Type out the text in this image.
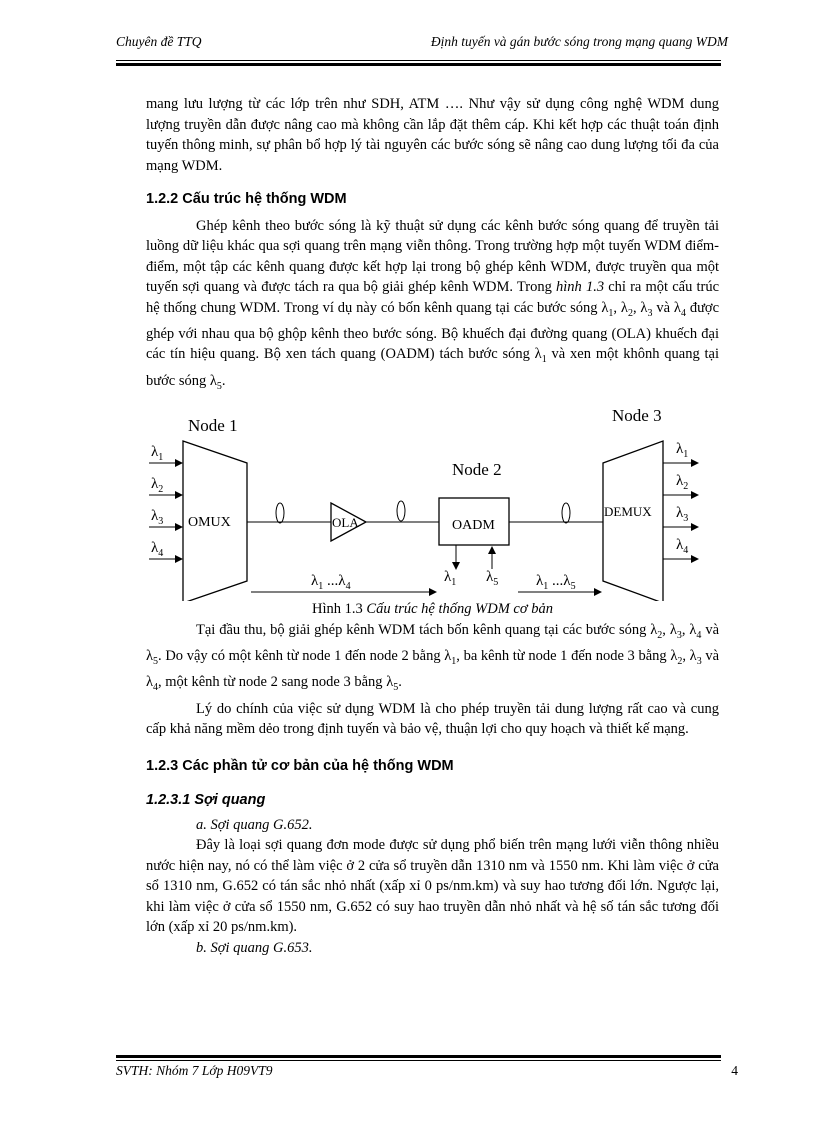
Chuyên đề TTQ	Định tuyến và gán bước sóng trong mạng quang WDM

mang lưu lượng từ các lớp trên như SDH, ATM …. Như vậy sử dụng công nghệ WDM dung lượng truyền dẫn được nâng cao mà không cần lắp đặt thêm cáp. Khi kết hợp các thuật toán định tuyến thông minh, sự phân bổ hợp lý tài nguyên các bước sóng sẽ nâng cao dung lượng tối đa của mạng WDM.

1.2.2 Cấu trúc hệ thống WDM

Ghép kênh theo bước sóng là kỹ thuật sử dụng các kênh bước sóng quang để truyền tải luồng dữ liệu khác qua sợi quang trên mạng viễn thông. Trong trường hợp một tuyến WDM điểm- điểm, một tập các kênh quang được kết hợp lại trong bộ ghép kênh WDM, được truyền qua một tuyến sợi quang và được tách ra qua bộ giải ghép kênh WDM. Trong hình 1.3 chỉ ra một cấu trúc hệ thống chung WDM. Trong ví dụ này có bốn kênh quang tại các bước sóng $\lambda_1$, $\lambda_2$, $\lambda_3$ và $\lambda_4$ được ghép với nhau qua bộ ghộp kênh theo bước sóng. Bộ khuếch đại đường quang (OLA) khuếch đại các tín hiệu quang. Bộ xen tách quang (OADM) tách bước sóng $\lambda_1$ và xen một khônh quang tại bước sóng $\lambda_5$.

Node 1
OMUX
$\lambda_1$
$\lambda_2$
$\lambda_3$
$\lambda_4$
OLA
Node 2
OADM
$\lambda_1$ $\lambda_5$
Node 3
DEMUX
$\lambda_1$
$\lambda_2$
$\lambda_3$
$\lambda_4$
$\lambda_1$ $...\lambda_4$	$\lambda_1$ $...\lambda_5$
Hình 1.3 Cấu trúc hệ thống WDM cơ bản

Tại đầu thu, bộ giải ghép kênh WDM tách bốn kênh quang tại các bước sóng $\lambda_2$, $\lambda_3$, $\lambda_4$ và $\lambda_5$. Do vậy có một kênh từ node 1 đến node 2 bằng $\lambda_1$, ba kênh từ node 1 đến node 3 bằng $\lambda_2$, $\lambda_3$ và $\lambda_4$, một kênh từ node 2 sang node 3 bằng $\lambda_5$.

Lý do chính của việc sử dụng WDM là cho phép truyền tải dung lượng rất cao và cung cấp khả năng mềm dẻo trong định tuyến và bảo vệ, thuận lợi cho quy hoạch và thiết kế mạng.

1.2.3 Các phần tử cơ bản của hệ thống WDM
1.2.3.1 Sợi quang

a. Sợi quang G.652.

Đây là loại sợi quang đơn mode được sử dụng phổ biến trên mạng lưới viễn thông nhiều nước hiện nay, nó có thể làm việc ở 2 cửa sổ truyền dẫn 1310 nm và 1550 nm. Khi làm việc ở cửa sổ 1310 nm, G.652 có tán sắc nhỏ nhất (xấp xỉ 0 ps/nm.km) và suy hao tương đối lớn. Ngược lại, khi làm việc ở cửa sổ 1550 nm, G.652 có suy hao truyền dẫn nhỏ nhất và hệ số tán sắc tương đối lớn (xấp xỉ 20 ps/nm.km).

b. Sợi quang G.653.

SVTH: Nhóm 7 Lớp H09VT9	4
